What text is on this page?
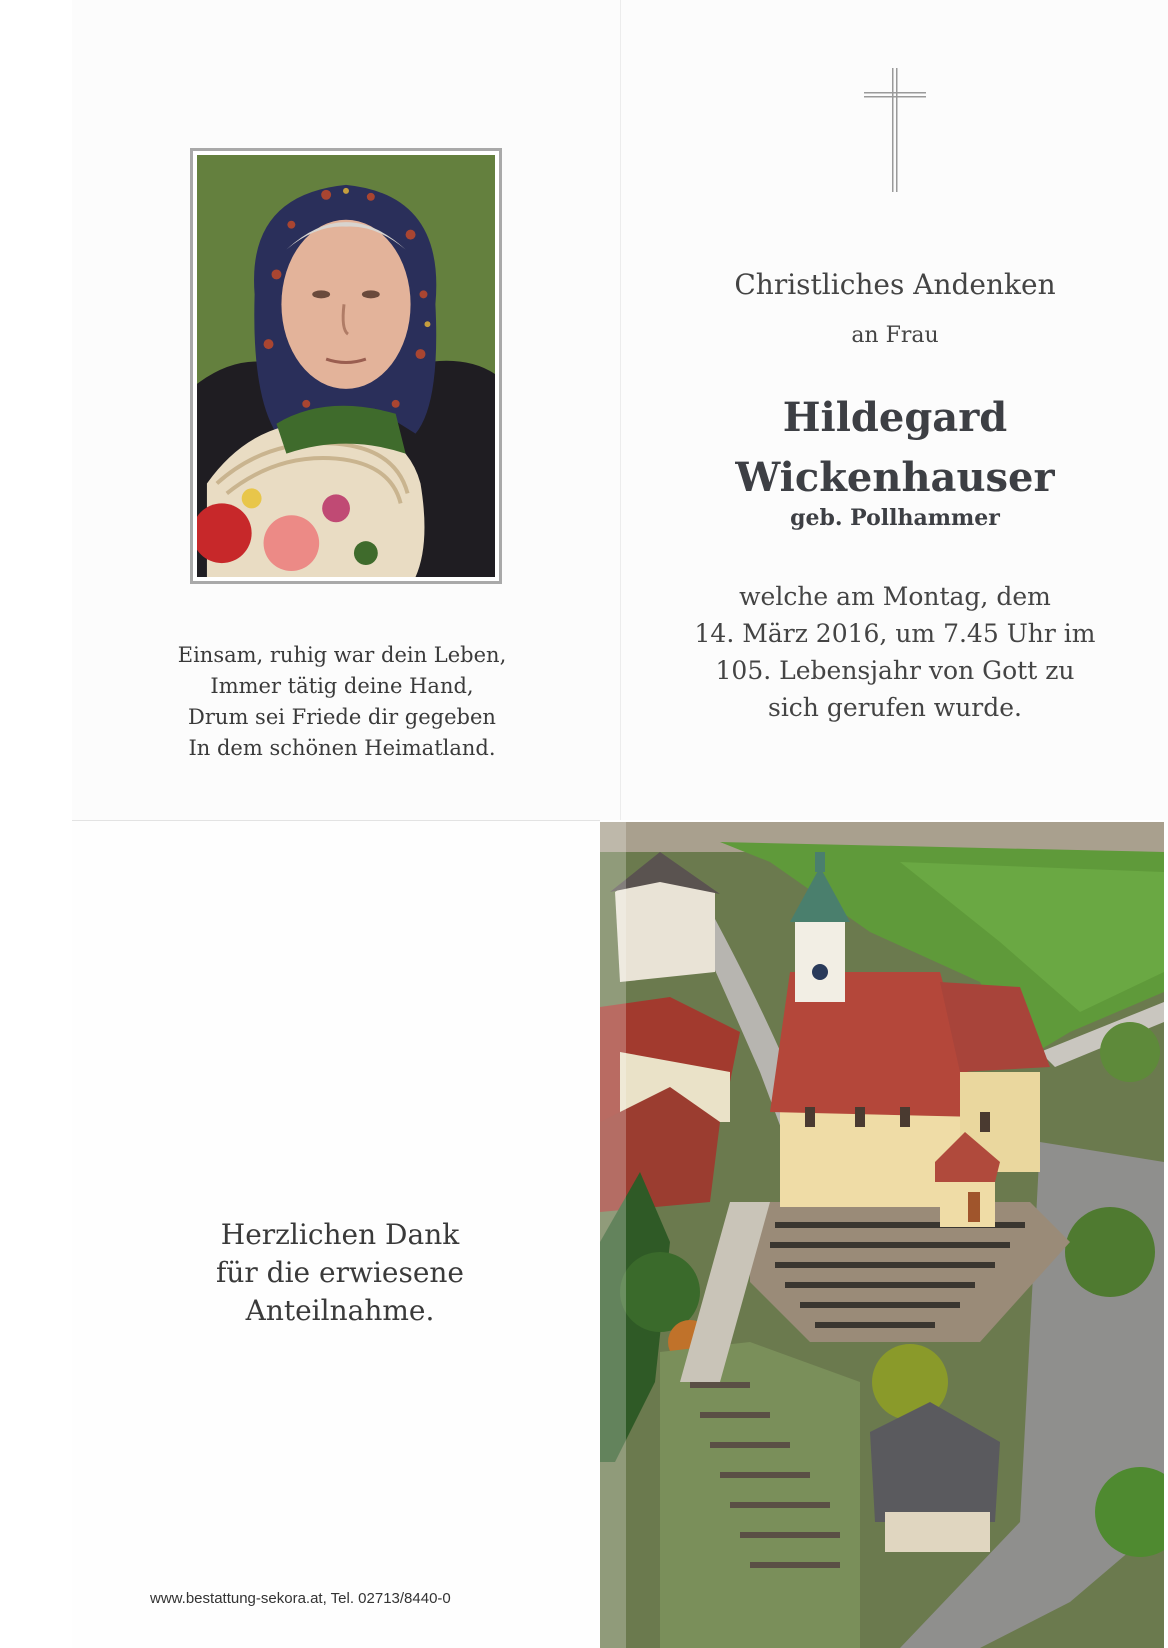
Einsam, ruhig war dein Leben,
Immer tätig deine Hand,
Drum sei Friede dir gegeben
In dem schönen Heimatland.
Christliches Andenken
an Frau
Hildegard
Wickenhauser
geb. Pollhammer
welche am Montag, dem
14. März 2016, um 7.45 Uhr im
105. Lebensjahr von Gott zu
sich gerufen wurde.
Herzlichen Dank
für die erwiesene
Anteilnahme.
www.bestattung-sekora.at, Tel. 02713/8440-0
